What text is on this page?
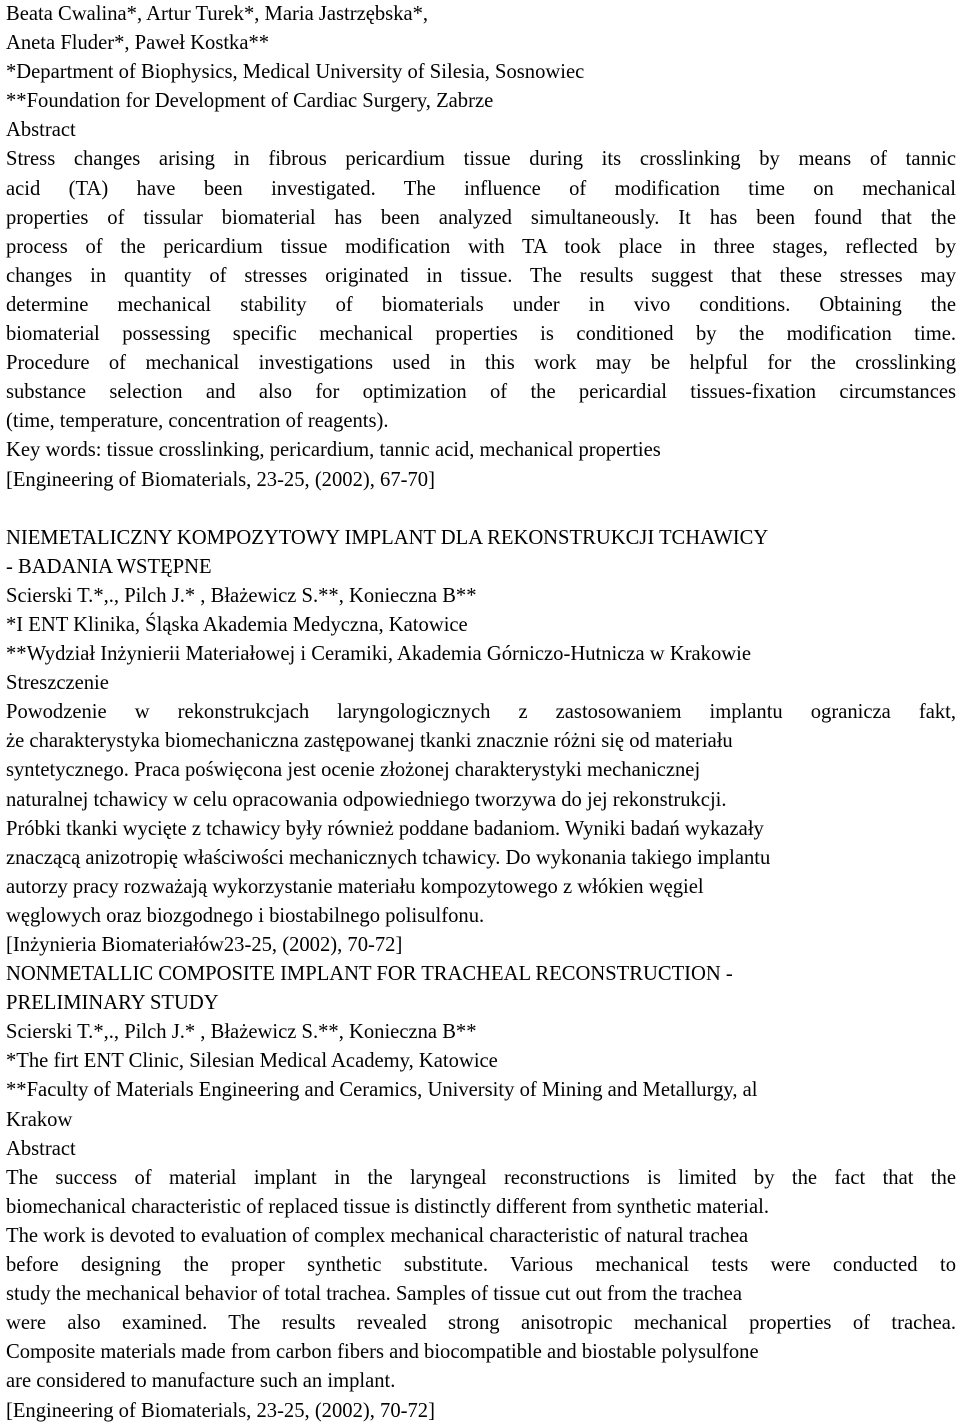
Beata Cwalina*, Artur Turek*, Maria Jastrzębska*,
Aneta Fluder*, Paweł Kostka**
*Department of Biophysics, Medical University of Silesia, Sosnowiec
**Foundation for Development of Cardiac Surgery, Zabrze
Abstract
Stress changes arising in fibrous pericardium tissue during its crosslinking by means of tannic
acid (TA) have been investigated. The influence of modification time on mechanical
properties of tissular biomaterial has been analyzed simultaneously. It has been found that the
process of the pericardium tissue modification with TA took place in three stages, reflected by
changes in quantity of stresses originated in tissue. The results suggest that these stresses may
determine mechanical stability of biomaterials under in vivo conditions. Obtaining the
biomaterial possessing specific mechanical properties is conditioned by the modification time.
Procedure of mechanical investigations used in this work may be helpful for the crosslinking
substance selection and also for optimization of the pericardial tissues-fixation circumstances
(time, temperature, concentration of reagents).
Key words: tissue crosslinking, pericardium, tannic acid, mechanical properties
[Engineering of Biomaterials, 23-25, (2002), 67-70]
NIEMETALICZNY KOMPOZYTOWY IMPLANT DLA REKONSTRUKCJI TCHAWICY
- BADANIA WSTĘPNE
Scierski T.*,., Pilch J.* , Błażewicz S.**, Konieczna B**
*I ENT Klinika, Śląska Akademia Medyczna, Katowice
**Wydział Inżynierii Materiałowej i Ceramiki, Akademia Górniczo-Hutnicza w Krakowie
Streszczenie
Powodzenie w rekonstrukcjach laryngologicznych z zastosowaniem implantu ogranicza fakt,
że charakterystyka biomechaniczna zastępowanej tkanki znacznie różni się od materiału
syntetycznego. Praca poświęcona jest ocenie złożonej charakterystyki mechanicznej
naturalnej tchawicy w celu opracowania odpowiedniego tworzywa do jej rekonstrukcji.
Próbki tkanki wycięte z tchawicy były również poddane badaniom. Wyniki badań wykazały
znaczącą anizotropię właściwości mechanicznych tchawicy. Do wykonania takiego implantu
autorzy pracy rozważają wykorzystanie materiału kompozytowego z włókien węgiel
węglowych oraz biozgodnego i biostabilnego polisulfonu.
[Inżynieria Biomateriałów23-25, (2002), 70-72]
NONMETALLIC COMPOSITE IMPLANT FOR TRACHEAL RECONSTRUCTION -
PRELIMINARY STUDY
Scierski T.*,., Pilch J.* , Błażewicz S.**, Konieczna B**
*The firt ENT Clinic, Silesian Medical Academy, Katowice
**Faculty of Materials Engineering and Ceramics, University of Mining and Metallurgy, al
Krakow
Abstract
The success of material implant in the laryngeal reconstructions is limited by the fact that the
biomechanical characteristic of replaced tissue is distinctly different from synthetic material.
The work is devoted to evaluation of complex mechanical characteristic of natural trachea
before designing the proper synthetic substitute. Various mechanical tests were conducted to
study the mechanical behavior of total trachea. Samples of tissue cut out from the trachea
were also examined. The results revealed strong anisotropic mechanical properties of trachea.
Composite materials made from carbon fibers and biocompatible and biostable polysulfone
are considered to manufacture such an implant.
[Engineering of Biomaterials, 23-25, (2002), 70-72]
